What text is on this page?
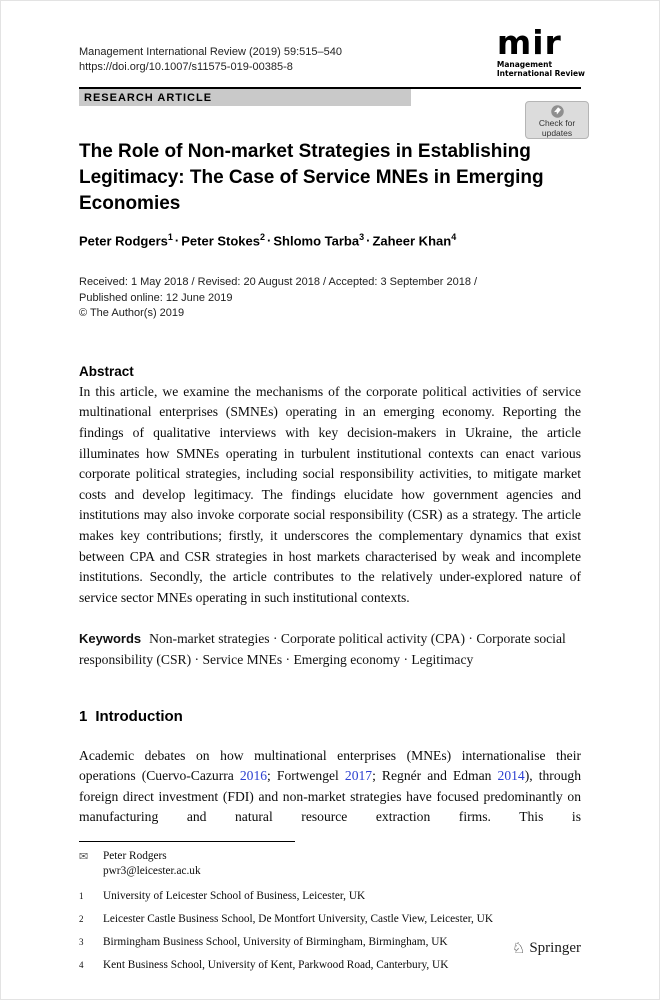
Management International Review (2019) 59:515–540
https://doi.org/10.1007/s11575-019-00385-8
mir
Management
International Review
RESEARCH ARTICLE
Check for
updates
The Role of Non-market Strategies in Establishing
Legitimacy: The Case of Service MNEs in Emerging
Economies
Peter Rodgers$^1$ · Peter Stokes$^2$ · Shlomo Tarba$^3$ · Zaheer Khan$^4$
Received: 1 May 2018 / Revised: 20 August 2018 / Accepted: 3 September 2018 /
Published online: 12 June 2019
© The Author(s) 2019
Abstract

In this article, we examine the mechanisms of the corporate political activities of service multinational enterprises (SMNEs) operating in an emerging economy. Reporting the findings of qualitative interviews with key decision-makers in Ukraine, the article illuminates how SMNEs operating in turbulent institutional contexts can enact various corporate political strategies, including social responsibility activities, to mitigate market costs and develop legitimacy. The findings elucidate how government agencies and institutions may also invoke corporate social responsibility (CSR) as a strategy. The article makes key contributions; firstly, it underscores the complementary dynamics that exist between CPA and CSR strategies in host markets characterised by weak and incomplete institutions. Secondly, the article contributes to the relatively under-explored nature of service sector MNEs operating in such institutional contexts.

Keywords Non-market strategies · Corporate political activity (CPA) · Corporate social responsibility (CSR) · Service MNEs · Emerging economy · Legitimacy
1 Introduction

Academic debates on how multinational enterprises (MNEs) internationalise their operations (Cuervo-Cazurra 2016; Fortwengel 2017; Regnér and Edman 2014), through foreign direct investment (FDI) and non-market strategies have focused predominantly on manufacturing and natural resource extraction firms. This is

✉	Peter Rodgers
pwr3@leicester.ac.uk
1	University of Leicester School of Business, Leicester, UK
2	Leicester Castle Business School, De Montfort University, Castle View, Leicester, UK
3	Birmingham Business School, University of Birmingham, Birmingham, UK
4	Kent Business School, University of Kent, Parkwood Road, Canterbury, UK
♘ Springer
